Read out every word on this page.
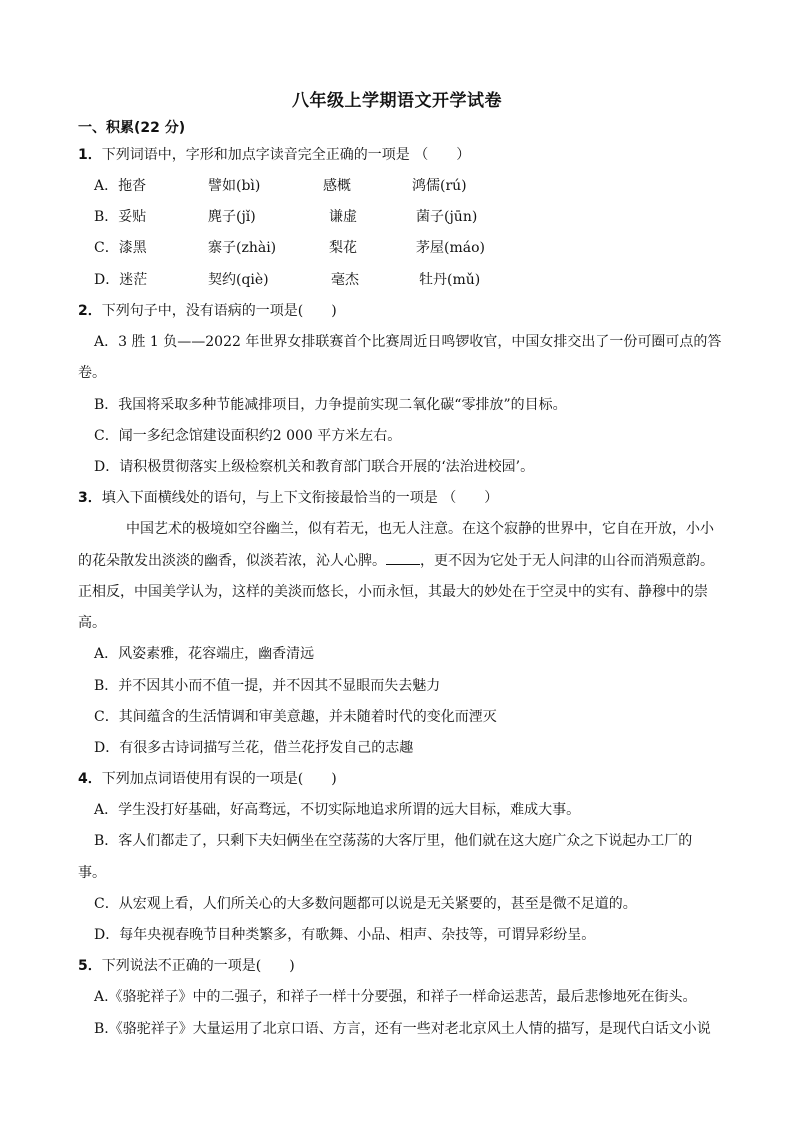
八年级上学期语文开学试卷
一、积累(22 分)
1．下列词语中，字形和加点字读音完全正确的一项是 （　　）
A．拖沓	譬如(bì)	感概	鸿儒(rú)
B．妥贴	麂子(jǐ)	谦虚	菌子(jūn)
C．漆黑	寨子(zhài)	梨花	茅屋(máo)
D．迷茫	契约(qiè)	毫杰	牡丹(mǔ)
2．下列句子中，没有语病的一项是(　　)
A．3 胜 1 负——2022 年世界女排联赛首个比赛周近日鸣锣收官，中国女排交出了一份可圈可点的答
卷。
B．我国将采取多种节能减排项目，力争提前实现二氧化碳“零排放”的目标。
C．闻一多纪念馆建设面积约2 000 平方米左右。
D．请积极贯彻落实上级检察机关和教育部门联合开展的‘法治进校园’。
3．填入下面横线处的语句，与上下文衔接最恰当的一项是 （　　）
中国艺术的极境如空谷幽兰，似有若无，也无人注意。在这个寂静的世界中，它自在开放，小小
的花朵散发出淡淡的幽香，似淡若浓，沁人心脾。 ，更不因为它处于无人问津的山谷而消殒意韵。
正相反，中国美学认为，这样的美淡而悠长，小而永恒，其最大的妙处在于空灵中的实有、静穆中的崇
高。
A．风姿素雅，花容端庄，幽香清远
B．并不因其小而不值一提，并不因其不显眼而失去魅力
C．其间蕴含的生活情调和审美意趣，并未随着时代的变化而湮灭
D．有很多古诗词描写兰花，借兰花抒发自己的志趣
4．下列加点词语使用有误的一项是(　　)
A．学生没打好基础，好高骛远，不切实际地追求所谓的远大目标，难成大事。
B．客人们都走了，只剩下夫妇俩坐在空荡荡的大客厅里，他们就在这大庭广众之下说起办工厂的
事。
C．从宏观上看，人们所关心的大多数问题都可以说是无关紧要的，甚至是微不足道的。
D．每年央视春晚节目种类繁多，有歌舞、小品、相声、杂技等，可谓异彩纷呈。
5．下列说法不正确的一项是(　　)
A.《骆驼祥子》中的二强子，和祥子一样十分要强，和祥子一样命运悲苦，最后悲惨地死在街头。
B.《骆驼祥子》大量运用了北京口语、方言，还有一些对老北京风土人情的描写，是现代白话文小说
